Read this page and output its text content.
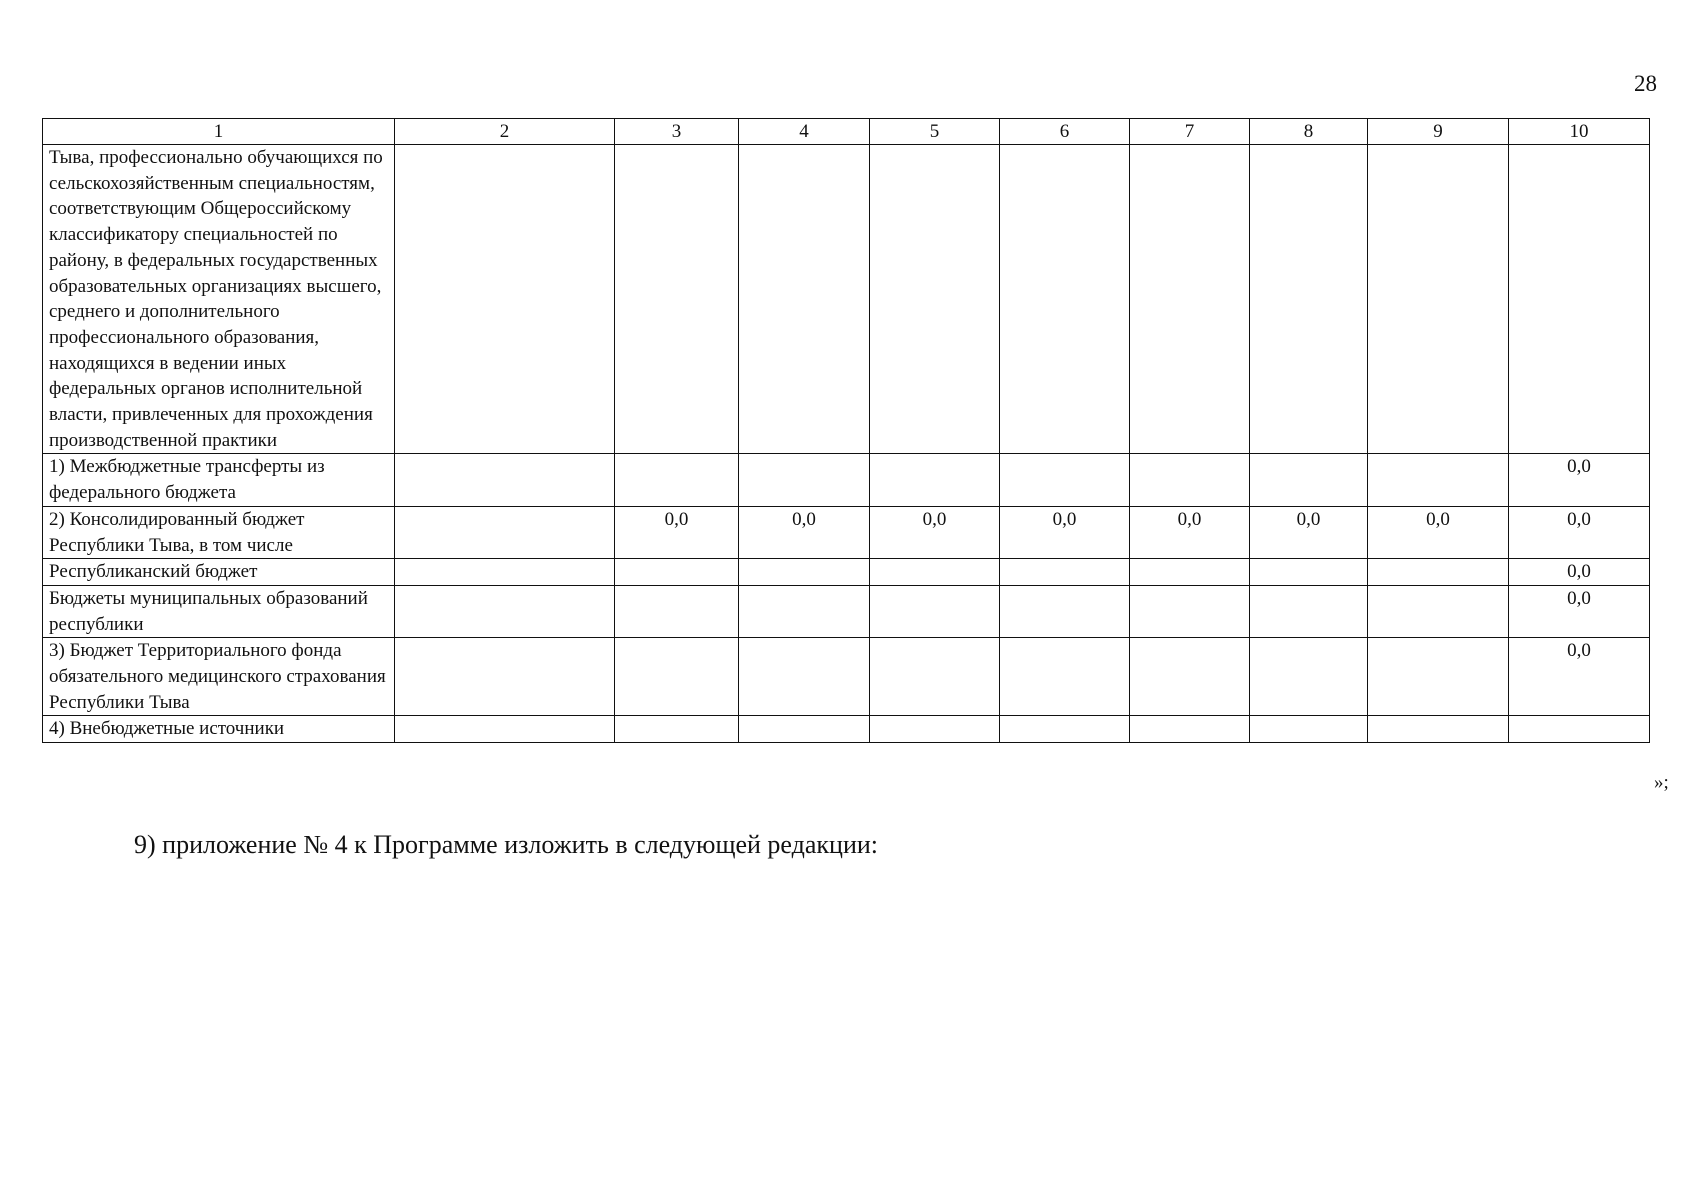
28
1	2	3	4	5	6	7	8	9	10
Тыва, профессионально обучающихся по сельскохозяйственным специальностям, соответствующим Общероссийскому классификатору специальностей по району, в федеральных государственных образовательных организациях высшего, среднего и дополнительного профессионального образования, находящихся в ведении иных федеральных органов исполнительной власти, привлеченных для прохождения производственной практики									
1) Межбюджетные трансферты из федерального бюджета									0,0
2) Консолидированный бюджет Республики Тыва, в том числе		0,0	0,0	0,0	0,0	0,0	0,0	0,0	0,0
Республиканский бюджет									0,0
Бюджеты муниципальных образований республики									0,0
3) Бюджет Территориального фонда обязательного медицинского страхования Республики Тыва									0,0
4) Внебюджетные источники									
»;
9) приложение № 4 к Программе изложить в следующей редакции:
